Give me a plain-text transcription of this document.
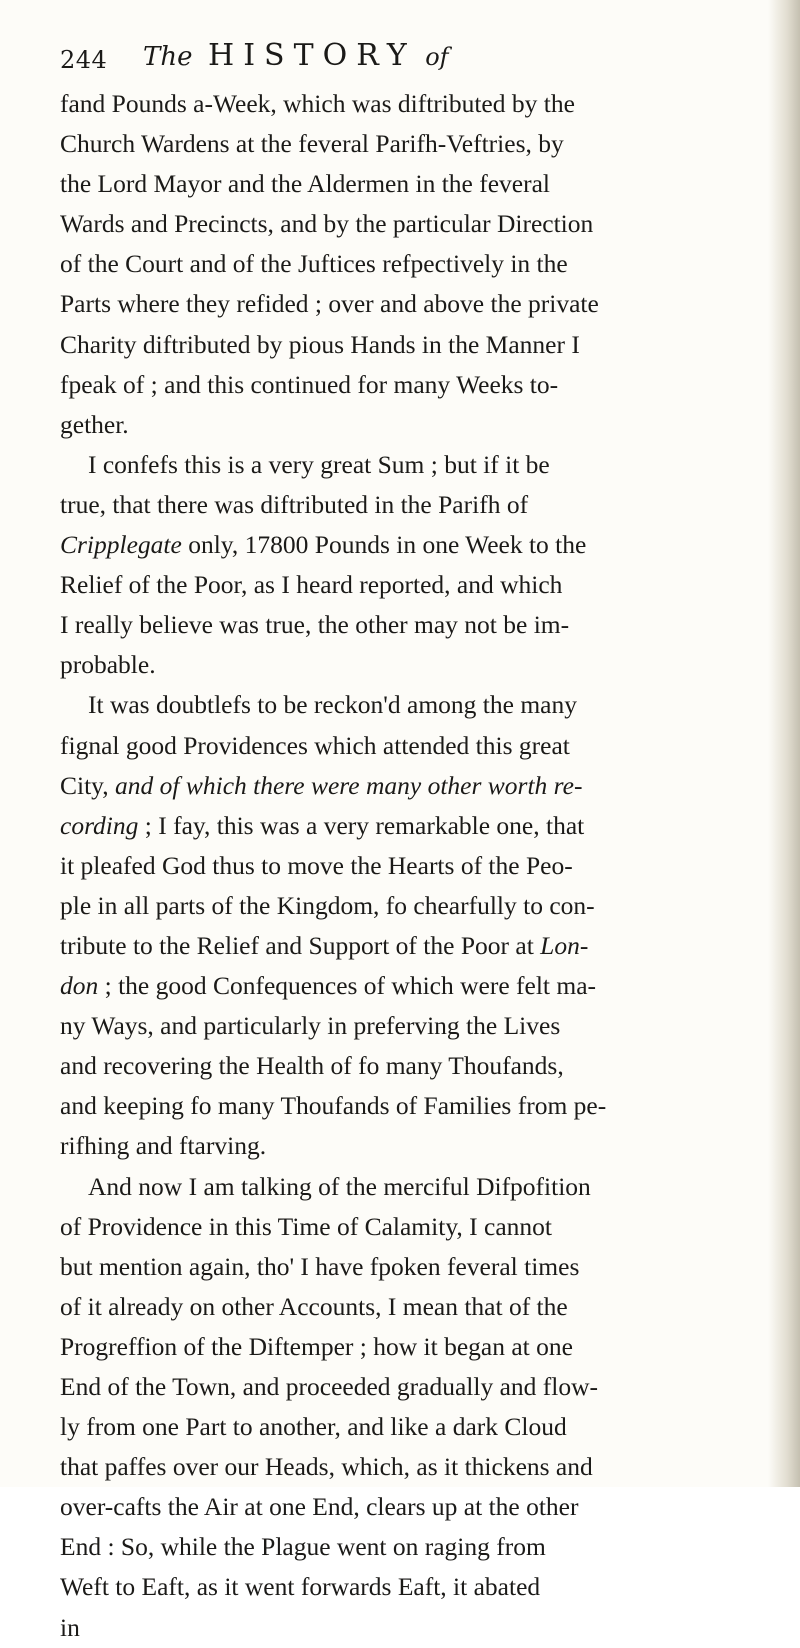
244 The HISTORY of
fand Pounds a-Week, which was diftributed by the
Church Wardens at the feveral Parifh-Veftries, by
the Lord Mayor and the Aldermen in the feveral
Wards and Precincts, and by the particular Direction
of the Court and of the Juftices refpectively in the
Parts where they refided ; over and above the private
Charity diftributed by pious Hands in the Manner I
fpeak of ; and this continued for many Weeks to-
gether.
I confefs this is a very great Sum ; but if it be
true, that there was diftributed in the Parifh of
Cripplegate only, 17800 Pounds in one Week to the
Relief of the Poor, as I heard reported, and which
I really believe was true, the other may not be im-
probable.
It was doubtlefs to be reckon'd among the many
fignal good Providences which attended this great
City, and of which there were many other worth re-
cording ; I fay, this was a very remarkable one, that
it pleafed God thus to move the Hearts of the Peo-
ple in all parts of the Kingdom, fo chearfully to con-
tribute to the Relief and Support of the Poor at Lon-
don ; the good Confequences of which were felt ma-
ny Ways, and particularly in preferving the Lives
and recovering the Health of fo many Thoufands,
and keeping fo many Thoufands of Families from pe-
rifhing and ftarving.
And now I am talking of the merciful Difpofition
of Providence in this Time of Calamity, I cannot
but mention again, tho' I have fpoken feveral times
of it already on other Accounts, I mean that of the
Progreffion of the Diftemper ; how it began at one
End of the Town, and proceeded gradually and flow-
ly from one Part to another, and like a dark Cloud
that paffes over our Heads, which, as it thickens and
over-cafts the Air at one End, clears up at the other
End : So, while the Plague went on raging from
Weft to Eaft, as it went forwards Eaft, it abated
in
